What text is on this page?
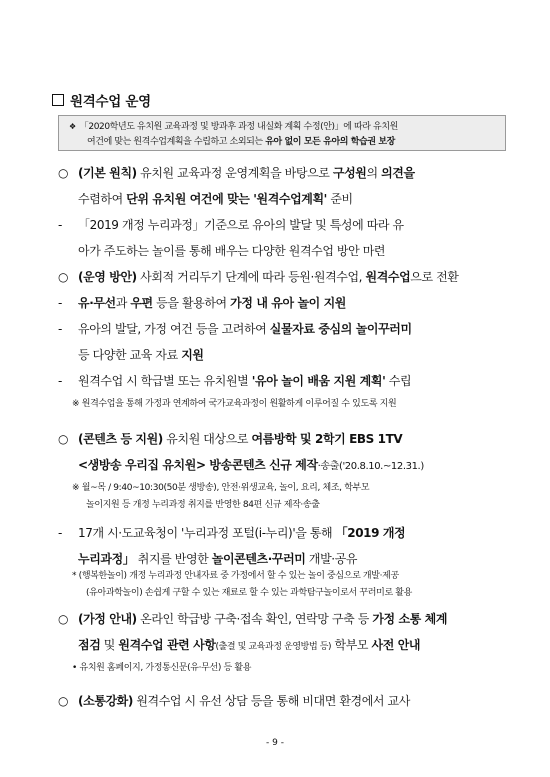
원격수업 운영
❖ 「2020학년도 유치원 교육과정 및 방과후 과정 내실화 계획 수정(안)」에 따라 유치원
여건에 맞는 원격수업계획을 수립하고 소외되는 유아 없이 모든 유아의 학습권 보장
○ (기본 원칙) 유치원 교육과정 운영계획을 바탕으로 구성원의 의견을
수렴하여 단위 유치원 여건에 맞는 '원격수업계획' 준비
- 「2019 개정 누리과정」기준으로 유아의 발달 및 특성에 따라 유
아가 주도하는 놀이를 통해 배우는 다양한 원격수업 방안 마련
○ (운영 방안) 사회적 거리두기 단계에 따라 등원·원격수업, 원격수업으로 전환
- 유·무선과 우편 등을 활용하여 가정 내 유아 놀이 지원
- 유아의 발달, 가정 여건 등을 고려하여 실물자료 중심의 놀이꾸러미
등 다양한 교육 자료 지원
- 원격수업 시 학급별 또는 유치원별 '유아 놀이 배움 지원 계획' 수립
※ 원격수업을 통해 가정과 연계하여 국가교육과정이 원활하게 이루어질 수 있도록 지원
○ (콘텐츠 등 지원) 유치원 대상으로 여름방학 및 2학기 EBS 1TV
<생방송 우리집 유치원> 방송콘텐츠 신규 제작·송출('20.8.10.~12.31.)
※ 월~목 / 9:40~10:30(50분 생방송), 안전·위생교육, 놀이, 요리, 체조, 학부모
놀이지원 등 개정 누리과정 취지를 반영한 84편 신규 제작·송출
- 17개 시·도교육청이 '누리과정 포털(i-누리)'을 통해 「2019 개정
누리과정」 취지를 반영한 놀이콘텐츠·꾸러미 개발·공유
* (행복한놀이) 개정 누리과정 안내자료 중 가정에서 할 수 있는 놀이 중심으로 개발·제공
(유아과학놀이) 손쉽게 구할 수 있는 재료로 할 수 있는 과학탐구놀이로서 꾸러미로 활용
○ (가정 안내) 온라인 학급방 구축·접속 확인, 연락망 구축 등 가정 소통 체계
점검 및 원격수업 관련 사항(출결 및 교육과정 운영방법 등) 학부모 사전 안내
• 유치원 홈페이지, 가정통신문(유·무선) 등 활용
○ (소통강화) 원격수업 시 유선 상담 등을 통해 비대면 환경에서 교사
- 9 -
